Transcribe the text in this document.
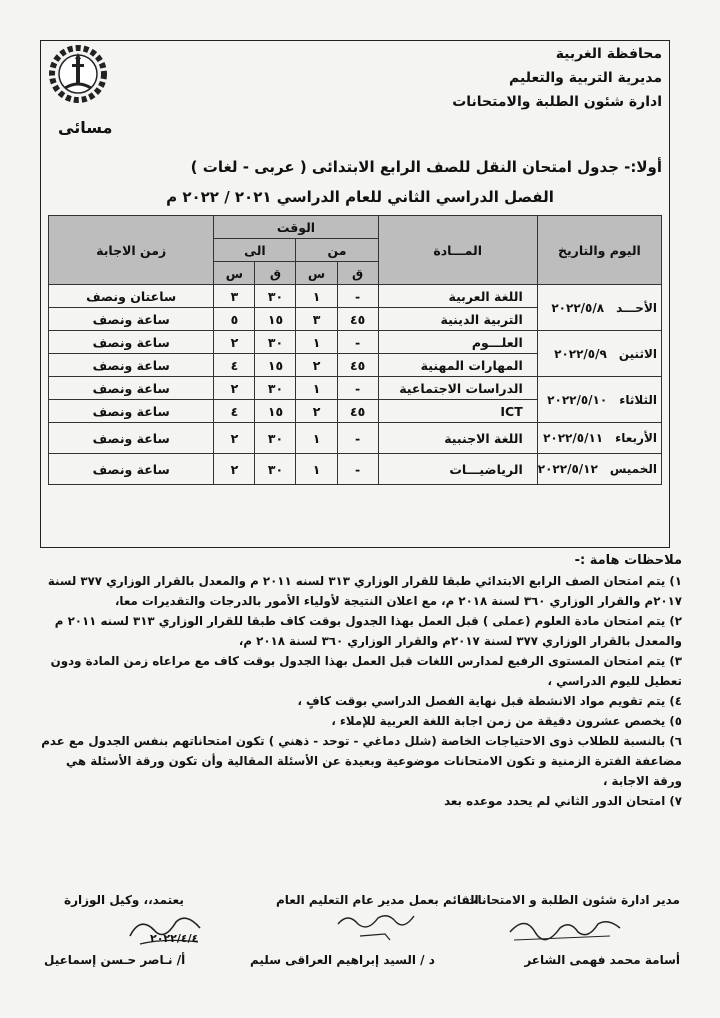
محافظة الغربية
مديرية التربية والتعليم
ادارة شئون الطلبة والامتحانات
مسائى
أولا:- جدول امتحان النقل للصف الرابع الابتدائى ( عربى - لغات )
الفصل الدراسي الثاني للعام الدراسي ٢٠٢١ / ٢٠٢٢ م
اليوم والتاريخ	المـــادة	الوقت				زمن الاجابة
		من		الى		
		ق	س	ق	س	
الأحـــد٢٠٢٢/٥/٨	اللغة العربية	-	١	٣٠	٣	ساعتان ونصف
	التربية الدينية	٤٥	٣	١٥	٥	ساعة ونصف
الاثنين٢٠٢٢/٥/٩	العلـــوم	-	١	٣٠	٢	ساعة ونصف
	المهارات المهنية	٤٥	٢	١٥	٤	ساعة ونصف
الثلاثاء٢٠٢٢/٥/١٠	الدراسات الاجتماعية	-	١	٣٠	٢	ساعة ونصف
	ICT	٤٥	٢	١٥	٤	ساعة ونصف
الأربعاء٢٠٢٢/٥/١١	اللغة الاجنبية	-	١	٣٠	٢	ساعة ونصف
الخميس٢٠٢٢/٥/١٢	الرياضيـــات	-	١	٣٠	٢	ساعة ونصف

ملاحظات هامة :-

١) يتم امتحان الصف الرابع الابتدائي طبقا للقرار الوزاري ٣١٣ لسنه ٢٠١١ م والمعدل بالقرار الوزاري ٣٧٧ لسنة ٢٠١٧م والقرار الوزاري ٣٦٠ لسنة ٢٠١٨ م، مع اعلان النتيجة لأولياء الأمور بالدرجات والتقديرات معا،

٢) يتم امتحان مادة العلوم (عملى ) قبل العمل بهذا الجدول بوقت كاف طبقا للقرار الوزاري ٣١٣ لسنه ٢٠١١ م والمعدل بالقرار الوزاري ٣٧٧ لسنة ٢٠١٧م والقرار الوزاري ٣٦٠ لسنة ٢٠١٨ م،

٣) يتم امتحان المستوى الرفيع لمدارس اللغات قبل العمل بهذا الجدول بوقت كاف مع مراعاه زمن المادة ودون تعطيل لليوم الدراسي ،

٤) يتم تقويم مواد الانشطة قبل نهاية الفصل الدراسي بوقت كافٍ ،

٥) يخصص عشرون دقيقة من زمن اجابة اللغة العربية للإملاء ،

٦) بالنسبة للطلاب ذوى الاحتياجات الخاصة (شلل دماغي - توحد - ذهني ) تكون امتحاناتهم بنفس الجدول مع عدم مضاعفة الفترة الزمنية و تكون الامتحانات موضوعية وبعيدة عن الأسئلة المقالية وأن تكون ورقة الأسئلة هي ورقة الاجابة ،

٧) امتحان الدور الثاني لم يحدد موعده بعد

مدير ادارة شئون الطلبة و الامتحانات
القائم بعمل مدير عام التعليم العام
يعتمد،، وكيل الوزارة
٢٠٢٢/٤/٤
أسامة محمد فهمى الشاعر
د / السيد إبراهيم العراقى سليم
أ/ نـاصر حـسن إسماعيل
